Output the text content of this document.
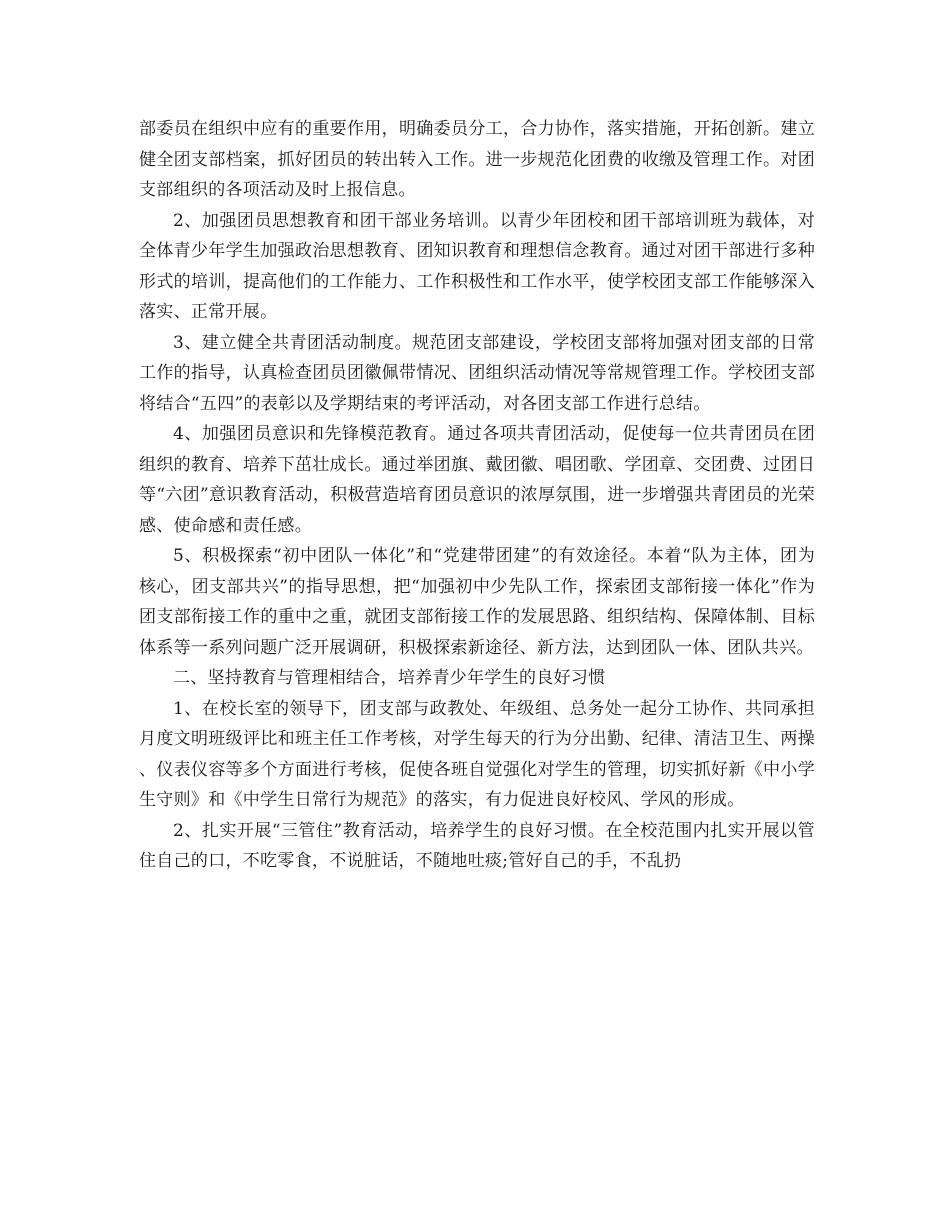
部委员在组织中应有的重要作用，明确委员分工，合力协作，落实措施，开拓创新。建立健全团支部档案，抓好团员的转出转入工作。进一步规范化团费的收缴及管理工作。对团支部组织的各项活动及时上报信息。

2、加强团员思想教育和团干部业务培训。以青少年团校和团干部培训班为载体，对全体青少年学生加强政治思想教育、团知识教育和理想信念教育。通过对团干部进行多种形式的培训，提高他们的工作能力、工作积极性和工作水平，使学校团支部工作能够深入落实、正常开展。

3、建立健全共青团活动制度。规范团支部建设，学校团支部将加强对团支部的日常工作的指导，认真检查团员团徽佩带情况、团组织活动情况等常规管理工作。学校团支部将结合“五四”的表彰以及学期结束的考评活动，对各团支部工作进行总结。

4、加强团员意识和先锋模范教育。通过各项共青团活动，促使每一位共青团员在团组织的教育、培养下茁壮成长。通过举团旗、戴团徽、唱团歌、学团章、交团费、过团日等“六团”意识教育活动，积极营造培育团员意识的浓厚氛围，进一步增强共青团员的光荣感、使命感和责任感。

5、积极探索“初中团队一体化”和“党建带团建”的有效途径。本着“队为主体，团为核心，团支部共兴”的指导思想，把“加强初中少先队工作，探索团支部衔接一体化”作为团支部衔接工作的重中之重，就团支部衔接工作的发展思路、组织结构、保障体制、目标体系等一系列问题广泛开展调研，积极探索新途径、新方法，达到团队一体、团队共兴。

二、坚持教育与管理相结合，培养青少年学生的良好习惯

1、在校长室的领导下，团支部与政教处、年级组、总务处一起分工协作、共同承担月度文明班级评比和班主任工作考核，对学生每天的行为分出勤、纪律、清洁卫生、两操、仪表仪容等多个方面进行考核，促使各班自觉强化对学生的管理，切实抓好新《中小学生守则》和《中学生日常行为规范》的落实，有力促进良好校风、学风的形成。

2、扎实开展“三管住”教育活动，培养学生的良好习惯。在全校范围内扎实开展以管住自己的口，不吃零食，不说脏话，不随地吐痰;管好自己的手，不乱扔
